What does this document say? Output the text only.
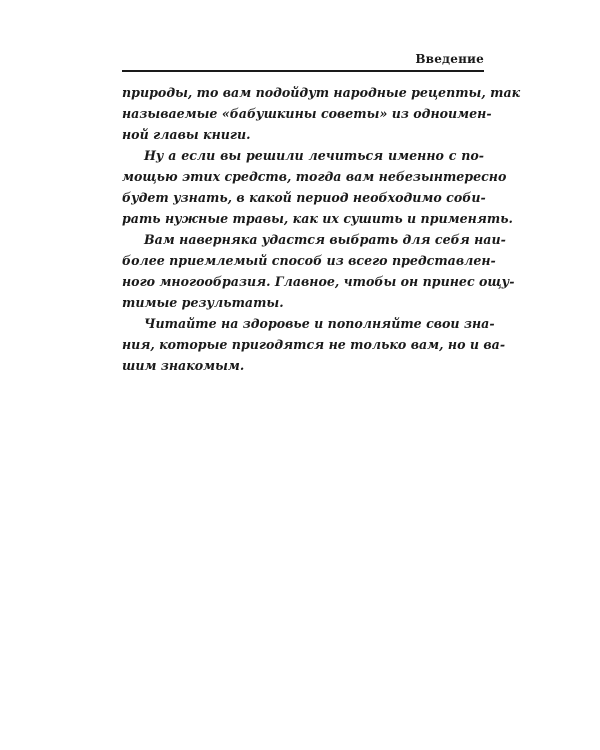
Введение
природы, то вам подойдут народные рецепты, так
называемые «бабушкины советы» из одноимен-
ной главы книги.
Ну а если вы решили лечиться именно с по-
мощью этих средств, тогда вам небезынтересно
будет узнать, в какой период необходимо соби-
рать нужные травы, как их сушить и применять.
Вам наверняка удастся выбрать для себя наи-
более приемлемый способ из всего представлен-
ного многообразия. Главное, чтобы он принес ощу-
тимые результаты.
Читайте на здоровье и пополняйте свои зна-
ния, которые пригодятся не только вам, но и ва-
шим знакомым.
